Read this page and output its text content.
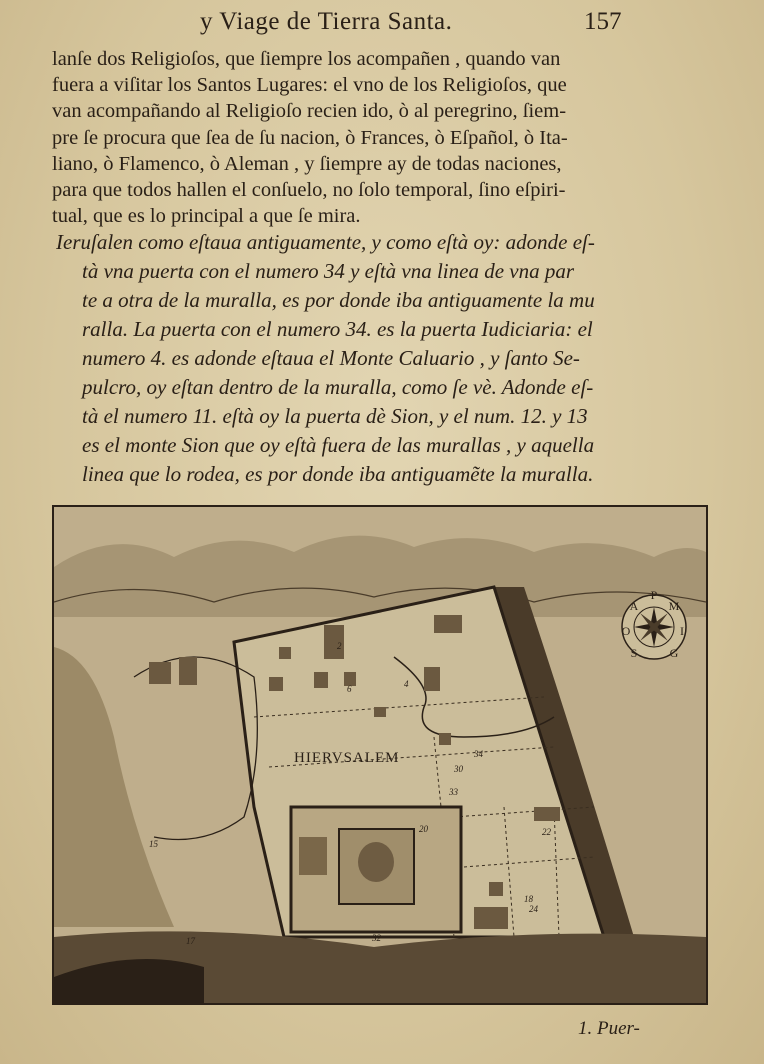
y Viage de Tierra Santa.	157
lanſe dos Religioſos, que ſiempre los acompañen , quando van
fuera a viſitar los Santos Lugares: el vno de los Religioſos, que
van acompañando al Religioſo recien ido, ò al peregrino, ſiem-
pre ſe procura que ſea de ſu nacion, ò Frances, ò Eſpañol, ò Ita-
liano, ò Flamenco, ò Aleman , y ſiempre ay de todas naciones,
para que todos hallen el conſuelo, no ſolo temporal, ſino eſpiri-
tual, que es lo principal a que ſe mira.
Ieruſalen como eſtaua antiguamente, y como eſtà oy: adonde eſ-
tà vna puerta con el numero 34 y eſtà vna linea de vna par
te a otra de la muralla, es por donde iba antiguamente la mu
ralla. La puerta con el numero 34. es la puerta Iudiciaria: el
numero 4. es adonde eſtaua el Monte Caluario , y ſanto Se-
pulcro, oy eſtan dentro de la muralla, como ſe vè. Adonde eſ-
tà el numero 11. eſtà oy la puerta dè Sion, y el num. 12. y 13
es el monte Sion que oy eſtà fuera de las murallas , y aquella
linea que lo rodea, es por donde iba antiguamẽte la muralla.
O
A
P
M
I
G
S
HIERVSALEM
2
4
6
15
17
18
20	22
24
30
32
33
34
1. Puer-
